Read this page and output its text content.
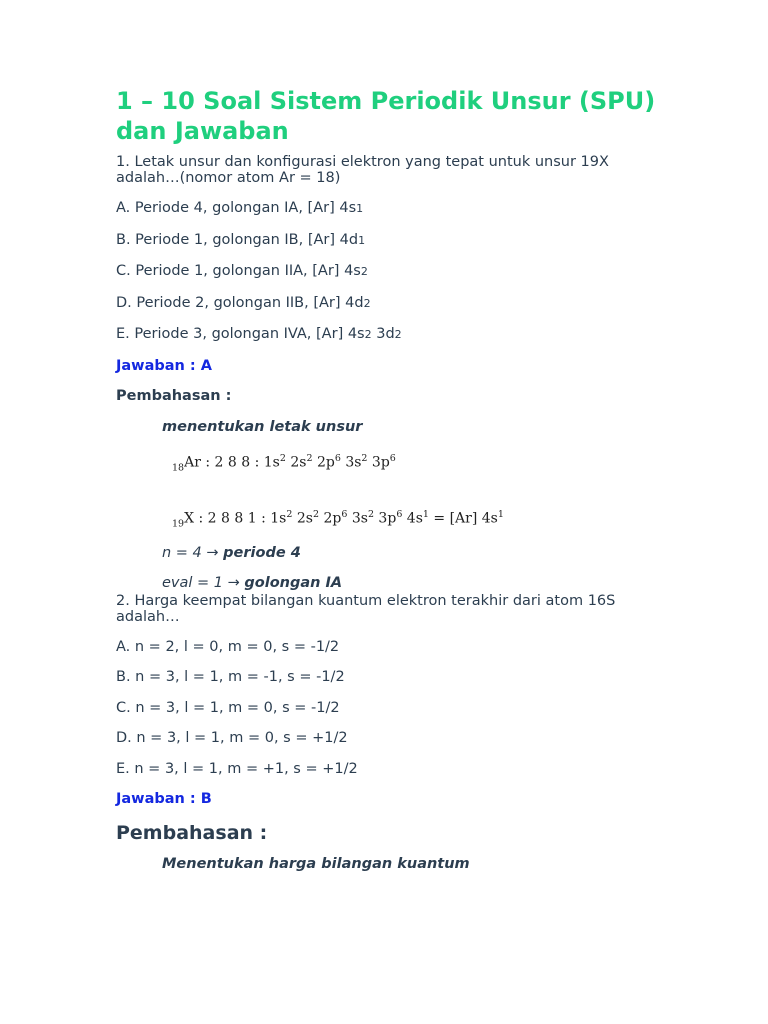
1 – 10 Soal Sistem Periodik Unsur (SPU) dan Jawaban

1. Letak unsur dan konfigurasi elektron yang tepat untuk unsur 19X adalah…(nomor atom Ar = 18)

A. Periode 4, golongan IA, [Ar] 4s1

B. Periode 1, golongan IB, [Ar] 4d1

C. Periode 1, golongan IIA, [Ar] 4s2

D. Periode 2, golongan IIB, [Ar] 4d2

E. Periode 3, golongan IVA, [Ar] 4s2 3d2

Jawaban : A

Pembahasan :

menentukan letak unsur

$_{18}$Ar : 2 8 8 : $1s^2$ $2s^2$ $2p^6$ $3s^2$ $3p^6$
$_{19}$X : 2 8 8 1 : $1s^2$ $2s^2$ $2p^6$ $3s^2$ $3p^6$ $4s^1 = [Ar]$ $4s^1$

n = 4 → periode 4

eval = 1 → golongan IA

2. Harga keempat bilangan kuantum elektron terakhir dari atom 16S adalah…

A. n = 2, l = 0, m = 0, s = -1/2

B. n = 3, l = 1, m = -1, s = -1/2

C. n = 3, l = 1, m = 0, s = -1/2

D. n = 3, l = 1, m = 0, s = +1/2

E. n = 3, l = 1, m = +1, s = +1/2

Jawaban : B

Pembahasan :

Menentukan harga bilangan kuantum
